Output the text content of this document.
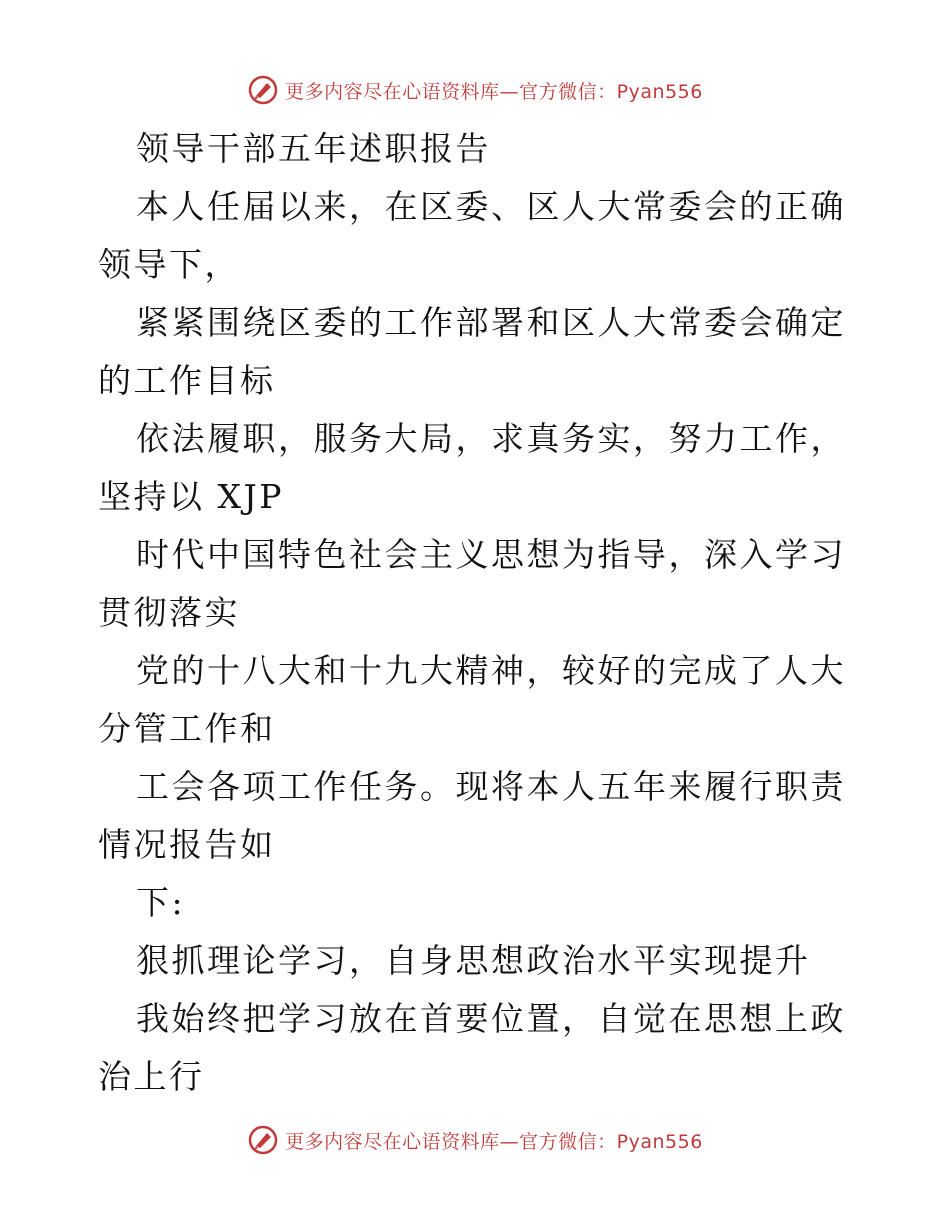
更多内容尽在心语资料库—官方微信：Pyan556

领导干部五年述职报告

本人任届以来，在区委、区人大常委会的正确领导下，

紧紧围绕区委的工作部署和区人大常委会确定的工作目标

依法履职，服务大局，求真务实，努力工作，坚持以 XJP

时代中国特色社会主义思想为指导，深入学习贯彻落实

党的十八大和十九大精神，较好的完成了人大分管工作和

工会各项工作任务。现将本人五年来履行职责情况报告如

下:

狠抓理论学习，自身思想政治水平实现提升

我始终把学习放在首要位置，自觉在思想上政治上行

更多内容尽在心语资料库—官方微信：Pyan556
